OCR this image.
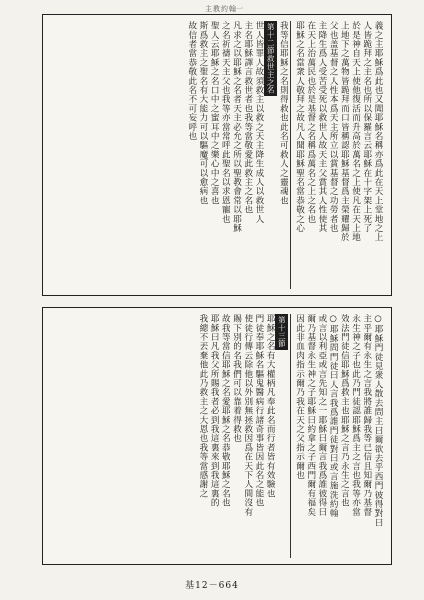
主教約翰 一
義之主耶穌爲此也又聞耶穌名稱亦爲此在天上堂地之上
人皆跪拜之主名也所以保羅言云耶穌在十字架上死了
於是神自天上使他復活而升高於萬名之上使凡在天上地
上地下之萬物皆跪拜而口皆稱認耶穌基督爲主榮耀歸於
父也盖基督之人性本爲天主所立以賞基督之功勞者也
主降生爲人受苦受死以救世人故天主父賞其人性使其
在天上治萬民也於是基督之名稱爲萬名之上之名也
耶穌之名當衆人敬拜之故凡人聞耶穌聖名當恭敬之心
我等信耶穌之名則得救也此名可救人之靈魂也
第十二節救世主之名
世人皆罪人故須救主以救之天主降生成人以救世人
主名耶穌譯言救世者也我等當敬愛此救主之名也
凡求之以耶穌之名者天主必允之所以聖教會常以耶穌
之名祈禱天主父也我等亦當常呼此聖名以求恩寵也
聖人云耶穌之名口中之蜜耳中之樂心中之喜也
斯爲救主之聖名有大能力可以驅魔可以愈病也
故信者當恭敬此名不可妄呼也
○耶穌門徒見衆人散去問主曰爾欲去乎西門彼得對曰
主乎爾有永生之言我將誰歸我等已信且知爾乃基督
永生神之子也此乃門徒認耶穌爲主之言也我等亦當
效法門徒信耶穌爲救主也耶穌之言乃永生之言也
○耶穌問門徒曰人言我爲誰門徒對曰或言施洗約翰
或言以利亞或言先知之一耶穌曰爾言我爲誰彼得曰
爾乃基督永生神之子耶穌曰約拿之子西門爾有福矣
因此非血肉指示爾乃我在天之父指示爾也
第十三節
耶穌之名有大權柄凡奉此名而行者皆有效驗也
門徒奉耶穌名驅鬼醫病行諸奇事皆因此名之能也
使徒行傳云除他以外別無拯救因爲在天下人間沒有
賜下別的名我們可以靠着得救也
故我等當信耶穌之名愛耶穌之名恭敬耶穌之名也
耶穌曰凡我父所賜我者必到我這裏來到我這裏的
我總不丟棄他此乃救主之大恩也我等當感謝之
基12－664
